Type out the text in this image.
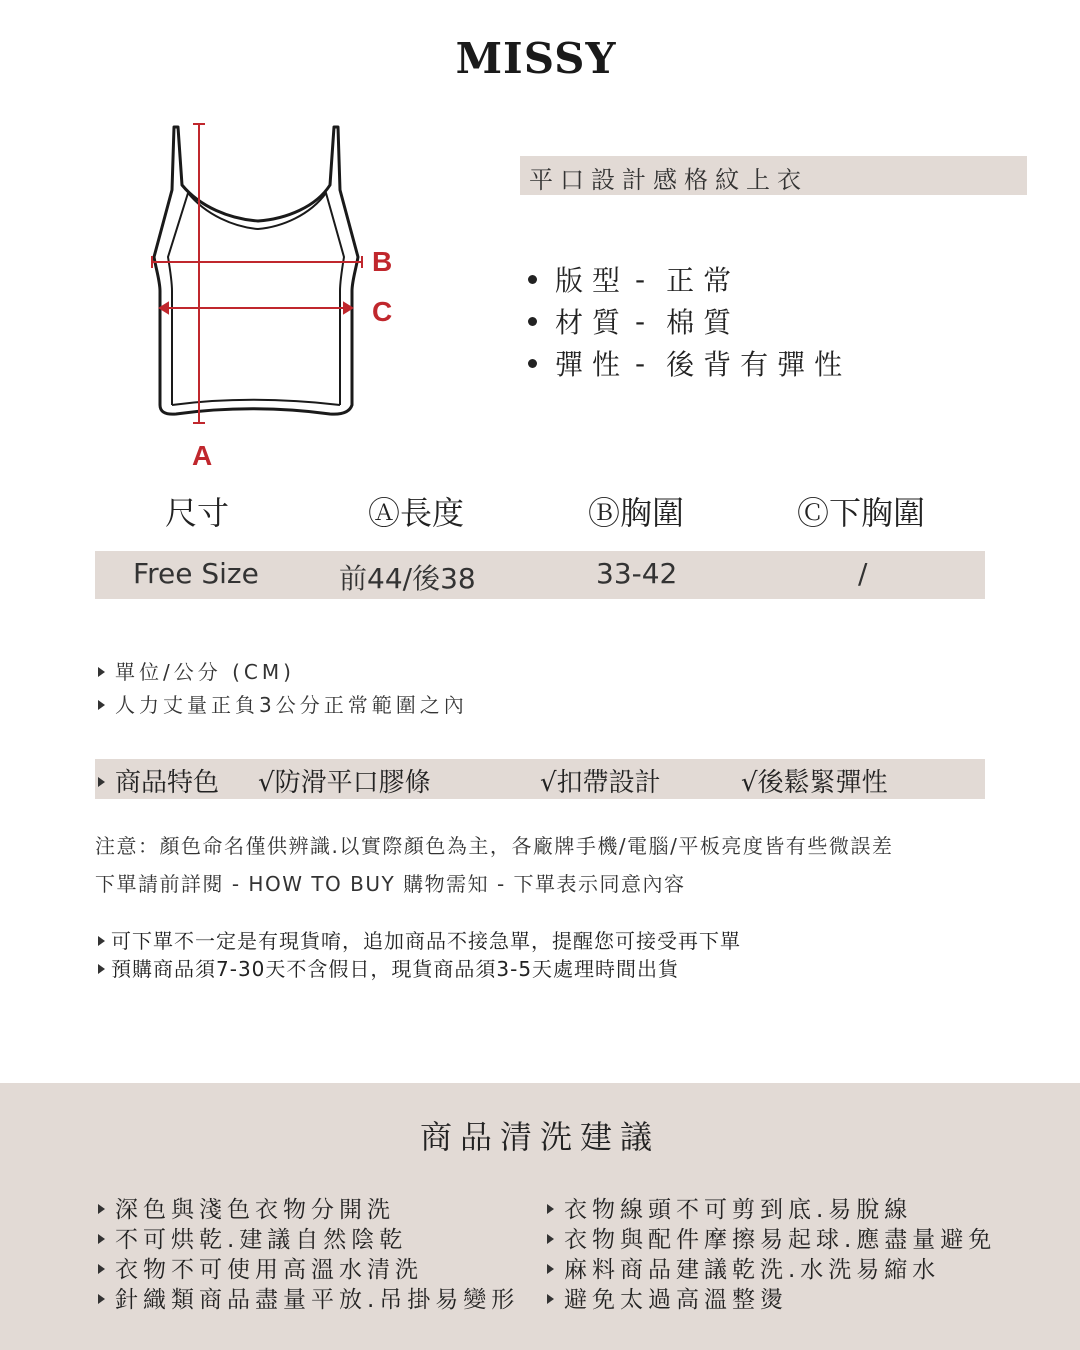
MISSY
B
C
A
平口設計感格紋上衣
版型 - 正常
材質 - 棉質
彈性 - 後背有彈性
尺寸	Ⓐ長度	Ⓑ胸圍	Ⓒ下胸圍
Free Size	前44/後38	33-42	/
單位/公分 (CM)
人力丈量正負3公分正常範圍之內
商品特色 √防滑平口膠條	√扣帶設計	√後鬆緊彈性
注意：顏色命名僅供辨識.以實際顏色為主，各廠牌手機/電腦/平板亮度皆有些微誤差
下單請前詳閱 - HOW TO BUY 購物需知 - 下單表示同意內容
可下單不一定是有現貨唷，追加商品不接急單，提醒您可接受再下單
預購商品須7-30天不含假日，現貨商品須3-5天處理時間出貨
商品清洗建議
深色與淺色衣物分開洗
不可烘乾.建議自然陰乾
衣物不可使用高溫水清洗
針織類商品盡量平放.吊掛易變形
衣物線頭不可剪到底.易脫線
衣物與配件摩擦易起球.應盡量避免
麻料商品建議乾洗.水洗易縮水
避免太過高溫整燙
